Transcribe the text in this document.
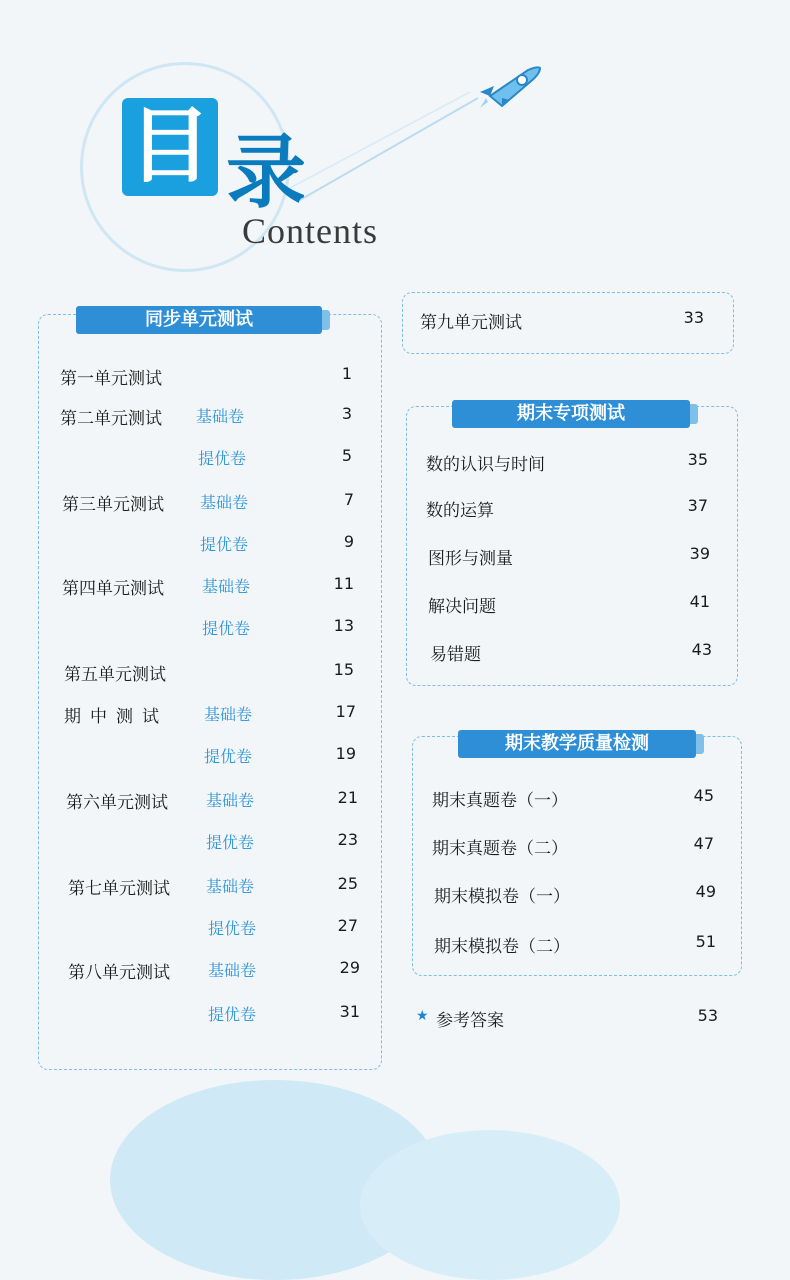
目 录
Contents
同步单元测试
第一单元测试	1
第二单元测试 基础卷	3
提优卷	5
第三单元测试 基础卷	7
提优卷	9
第四单元测试 基础卷	11
提优卷	13
第五单元测试	15
期中测试 基础卷	17
提优卷	19
第六单元测试 基础卷	21
提优卷	23
第七单元测试 基础卷	25
提优卷	27
第八单元测试 基础卷	29
提优卷	31
第九单元测试	33
期末专项测试
数的认识与时间	35
数的运算	37
图形与测量	39
解决问题	41
易错题	43
期末教学质量检测
期末真题卷（一）	45
期末真题卷（二）	47
期末模拟卷（一）	49
期末模拟卷（二）	51
★ 参考答案	53
